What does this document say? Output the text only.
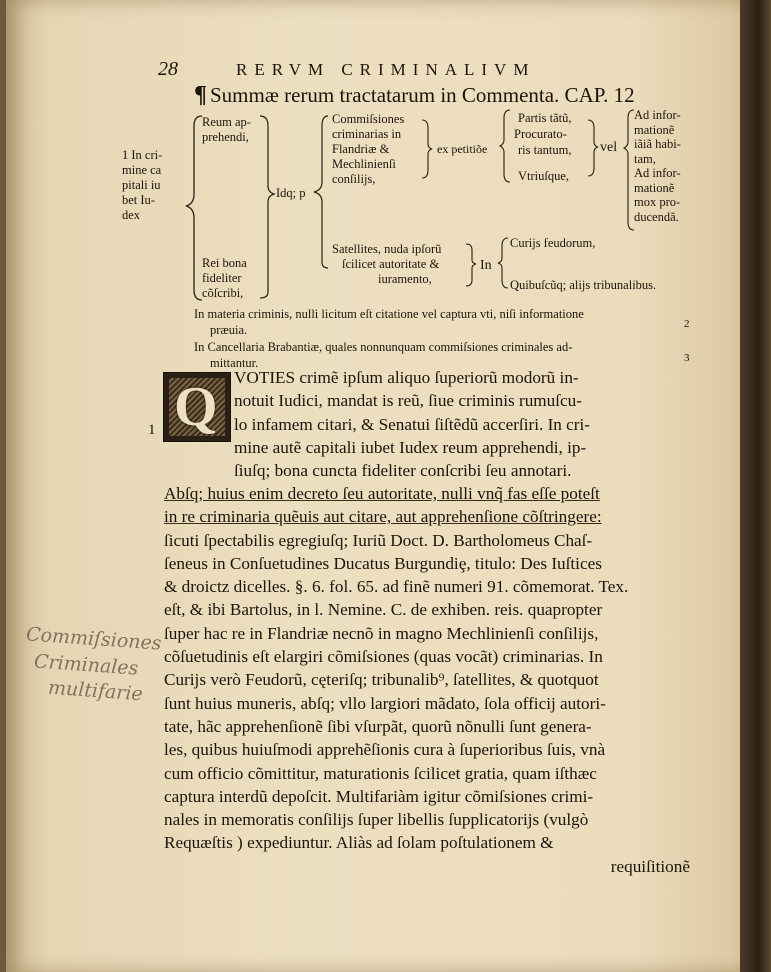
28	RERVM CRIMINALIVM
¶ Summæ rerum tractatarum in Commenta. CAP. 12
1 In cri-
mine ca
pitali iu
bet Iu-
dex
Reum ap-
prehendi,
Rei bona
fideliter
cõſcribi,
Idq; p
Commiſsiones
criminarias in
Flandriæ &
Mechlinienſi
conſilijs,
ex petitiõe
Partis tãtũ,
Procurato-
ris tantum,
Vtriuſque,
vel
Ad infor-
mationẽ
iãiã habi-
tam,
Ad infor-
mationẽ
mox pro-
ducendã.
Satellites, nuda ipſorũ
ſcilicet autoritate &
iuramento,
In
Curijs feudorum,
Quibuſcũq; alijs tribunalibus.
In materia criminis, nulli licitum eſt citatione vel captura vti, niſi informatione
præuia.	2
In Cancellaria Brabantiæ, quales nonnunquam commiſsiones criminales ad-
mittantur.	3
Q
1
VOTIES crimẽ ipſum aliquo ſuperiorũ modorũ in-
notuit Iudici, mandat is reũ, ſiue criminis rumuſcu-
lo infamem citari, & Senatui ſiſtẽdũ accerſiri. In cri-
mine autẽ capitali iubet Iudex reum apprehendi, ip-
ſiuſq; bona cuncta fideliter conſcribi ſeu annotari.
Abſq; huius enim decreto ſeu autoritate, nulli vnq̃ fas eſſe poteſt
in re criminaria quẽuis aut citare, aut apprehenſione cõſtringere:
ſicuti ſpectabilis egregiuſq; Iuriũ Doct. D. Bartholomeus Chaſ-
ſeneus in Conſuetudines Ducatus Burgundiȩ, titulo: Des Iuſtices
& droictz dicelles. §. 6. fol. 65. ad finẽ numeri 91. cõmemorat. Tex.
eſt, & ibi Bartolus, in l. Nemine. C. de exhiben. reis. quapropter
ſuper hac re in Flandriæ necnõ in magno Mechlinienſi conſilijs,
cõſuetudinis eſt elargiri cõmiſsiones (quas vocãt) criminarias. In
Curijs verò Feudorũ, cęteriſq; tribunalib⁹, ſatellites, & quotquot
ſunt huius muneris, abſq; vllo largiori mãdato, ſola officij autori-
tate, hãc apprehenſionẽ ſibi vſurpãt, quorũ nõnulli ſunt genera-
les, quibus huiuſmodi apprehẽſionis cura à ſuperioribus ſuis, vnà
cum officio cõmittitur, maturationis ſcilicet gratia, quam iſthæc
captura interdũ depoſcit. Multifariàm igitur cõmiſsiones crimi-
nales in memoratis conſilijs ſuper libellis ſupplicatorijs (vulgò
Requæſtis ) expediuntur. Aliàs ad ſolam poſtulationem &
requiſitionẽ
Commiſsiones
Criminales
multifarie
